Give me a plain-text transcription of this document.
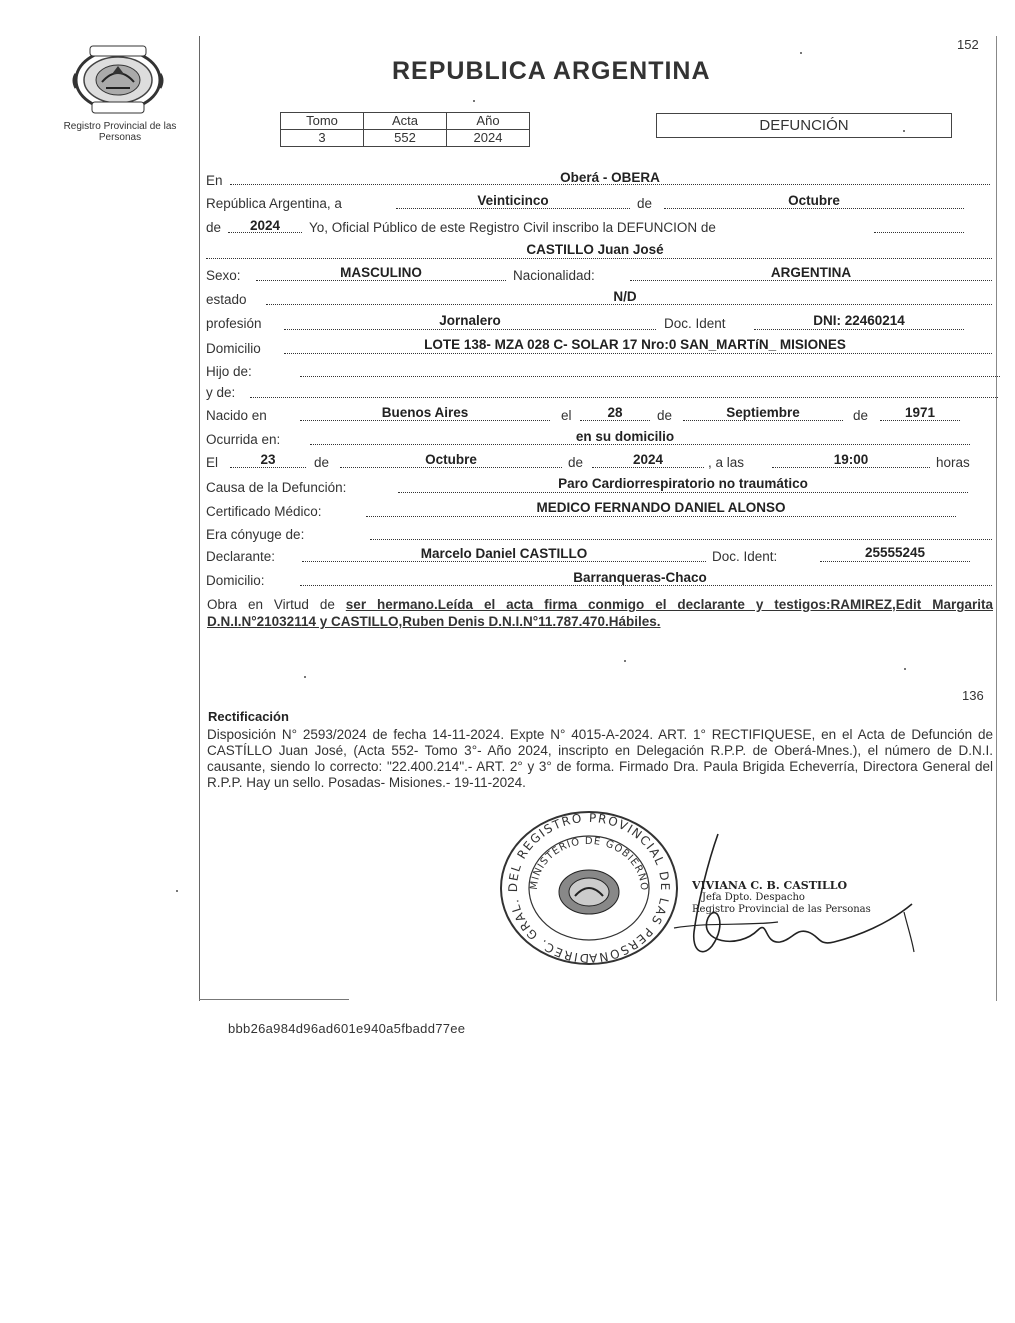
Registro Provincial de las Personas
152
REPUBLICA ARGENTINA
Tomo	Acta	Año
3	552	2024
DEFUNCIÓN
En	Oberá - OBERA
República Argentina, a	Veinticinco	de	Octubre
de	2024	Yo, Oficial Público de este Registro Civil inscribo la DEFUNCION de
CASTILLO Juan José
Sexo:	MASCULINO	Nacionalidad:	ARGENTINA
estado	N/D
profesión	Jornalero	Doc. Ident	DNI: 22460214
Domicilio	LOTE 138- MZA 028 C- SOLAR 17 Nro:0 SAN_MARTíN_ MISIONES
Hijo de:
y de:
Nacido en	Buenos Aires	el	28	de	Septiembre	de	1971
Ocurrida en:	en su domicilio
El	23	de	Octubre	de	2024	, a las	19:00	horas
Causa de la Defunción:	Paro Cardiorrespiratorio no traumático
Certificado Médico:	MEDICO FERNANDO DANIEL ALONSO
Era cónyuge de:
Declarante:	Marcelo Daniel CASTILLO	Doc. Ident:	25555245
Domicilio:	Barranqueras-Chaco
Obra en Virtud de ser hermano.Leída el acta firma conmigo el declarante y testigos:RAMIREZ,Edit Margarita D.N.I.N°21032114 y CASTILLO,Ruben Denis D.N.I.N°11.787.470.Hábiles.
136
Rectificación
Disposición N° 2593/2024 de fecha 14-11-2024. Expte N° 4015-A-2024. ART. 1° RECTIFIQUESE, en el Acta de Defunción de CASTÍLLO Juan José, (Acta 552- Tomo 3°- Año 2024, inscripto en Delegación R.P.P. de Oberá-Mnes.), el número de D.N.I. causante, siendo lo correcto: "22.400.214".- ART. 2° y 3° de forma. Firmado Dra. Paula Brigida Echeverría, Directora General del R.P.P. Hay un sello. Posadas- Misiones.- 19-11-2024.
DIREC. GRAL. DEL REGISTRO PROVINCIAL DE LAS PERSONA
MINISTERIO DE GOBIERNO	VIVIANA C. B. CASTILLO
Jefa Dpto. Despacho
Registro Provincial de las Personas
bbb26a984d96ad601e940a5fbadd77ee
